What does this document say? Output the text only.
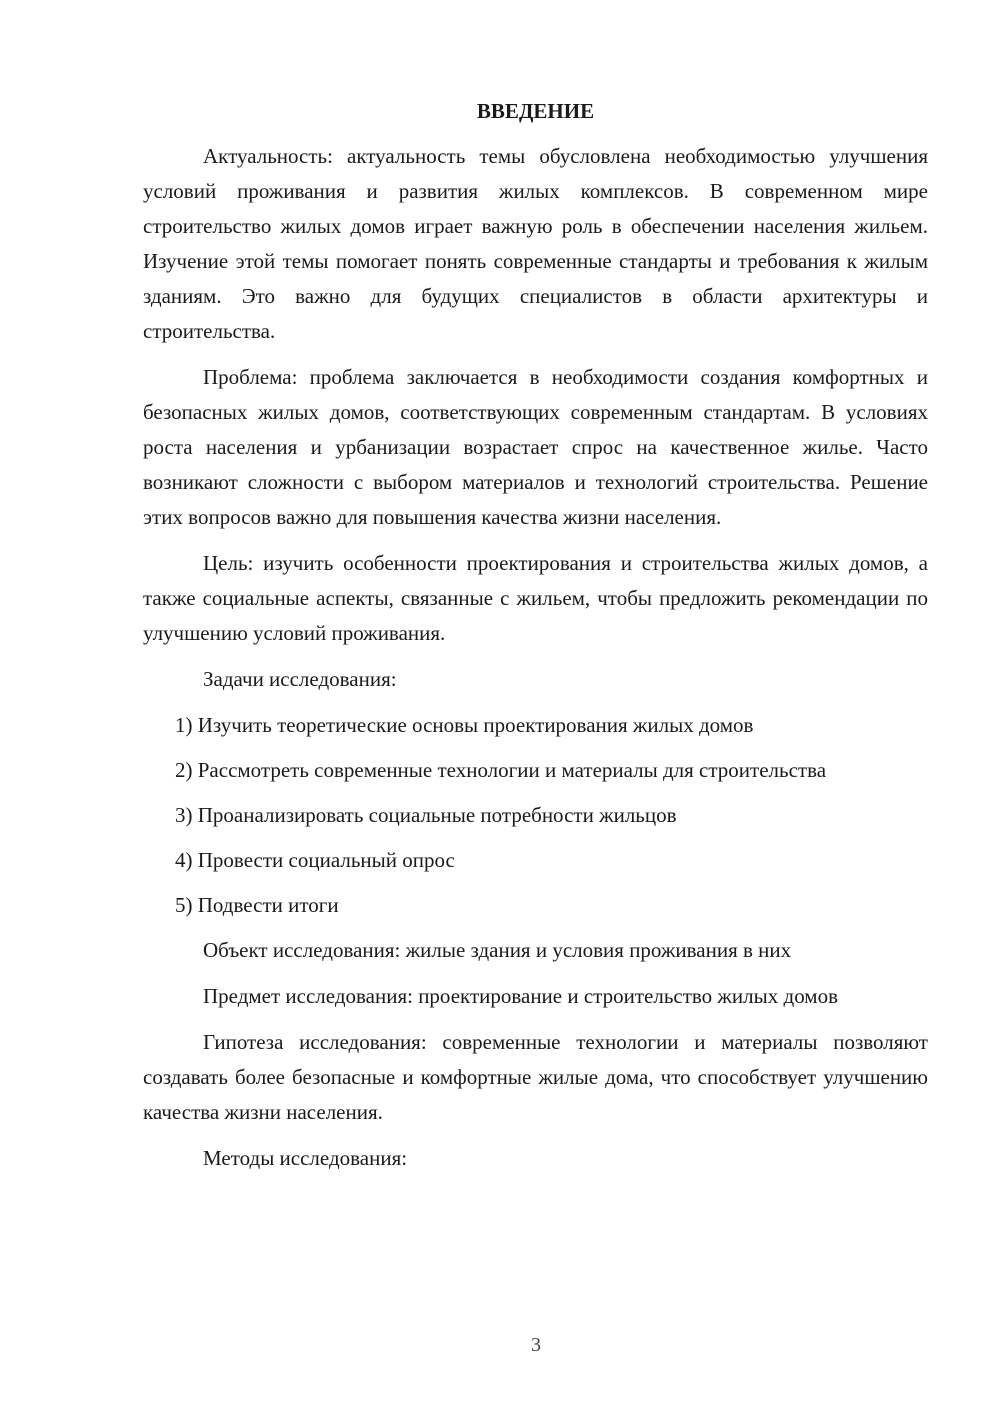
ВВЕДЕНИЕ

Актуальность: актуальность темы обусловлена необходимостью улучшения условий проживания и развития жилых комплексов. В современном мире строительство жилых домов играет важную роль в обеспечении населения жильем. Изучение этой темы помогает понять современные стандарты и требования к жилым зданиям. Это важно для будущих специалистов в области архитектуры и строительства.

Проблема: проблема заключается в необходимости создания комфортных и безопасных жилых домов, соответствующих современным стандартам. В условиях роста населения и урбанизации возрастает спрос на качественное жилье. Часто возникают сложности с выбором материалов и технологий строительства. Решение этих вопросов важно для повышения качества жизни населения.

Цель: изучить особенности проектирования и строительства жилых домов, а также социальные аспекты, связанные с жильем, чтобы предложить рекомендации по улучшению условий проживания.

Задачи исследования:

1) Изучить теоретические основы проектирования жилых домов

2) Рассмотреть современные технологии и материалы для строительства

3) Проанализировать социальные потребности жильцов

4) Провести социальный опрос

5) Подвести итоги

Объект исследования: жилые здания и условия проживания в них

Предмет исследования: проектирование и строительство жилых домов

Гипотеза исследования: современные технологии и материалы позволяют создавать более безопасные и комфортные жилые дома, что способствует улучшению качества жизни населения.

Методы исследования:

3
